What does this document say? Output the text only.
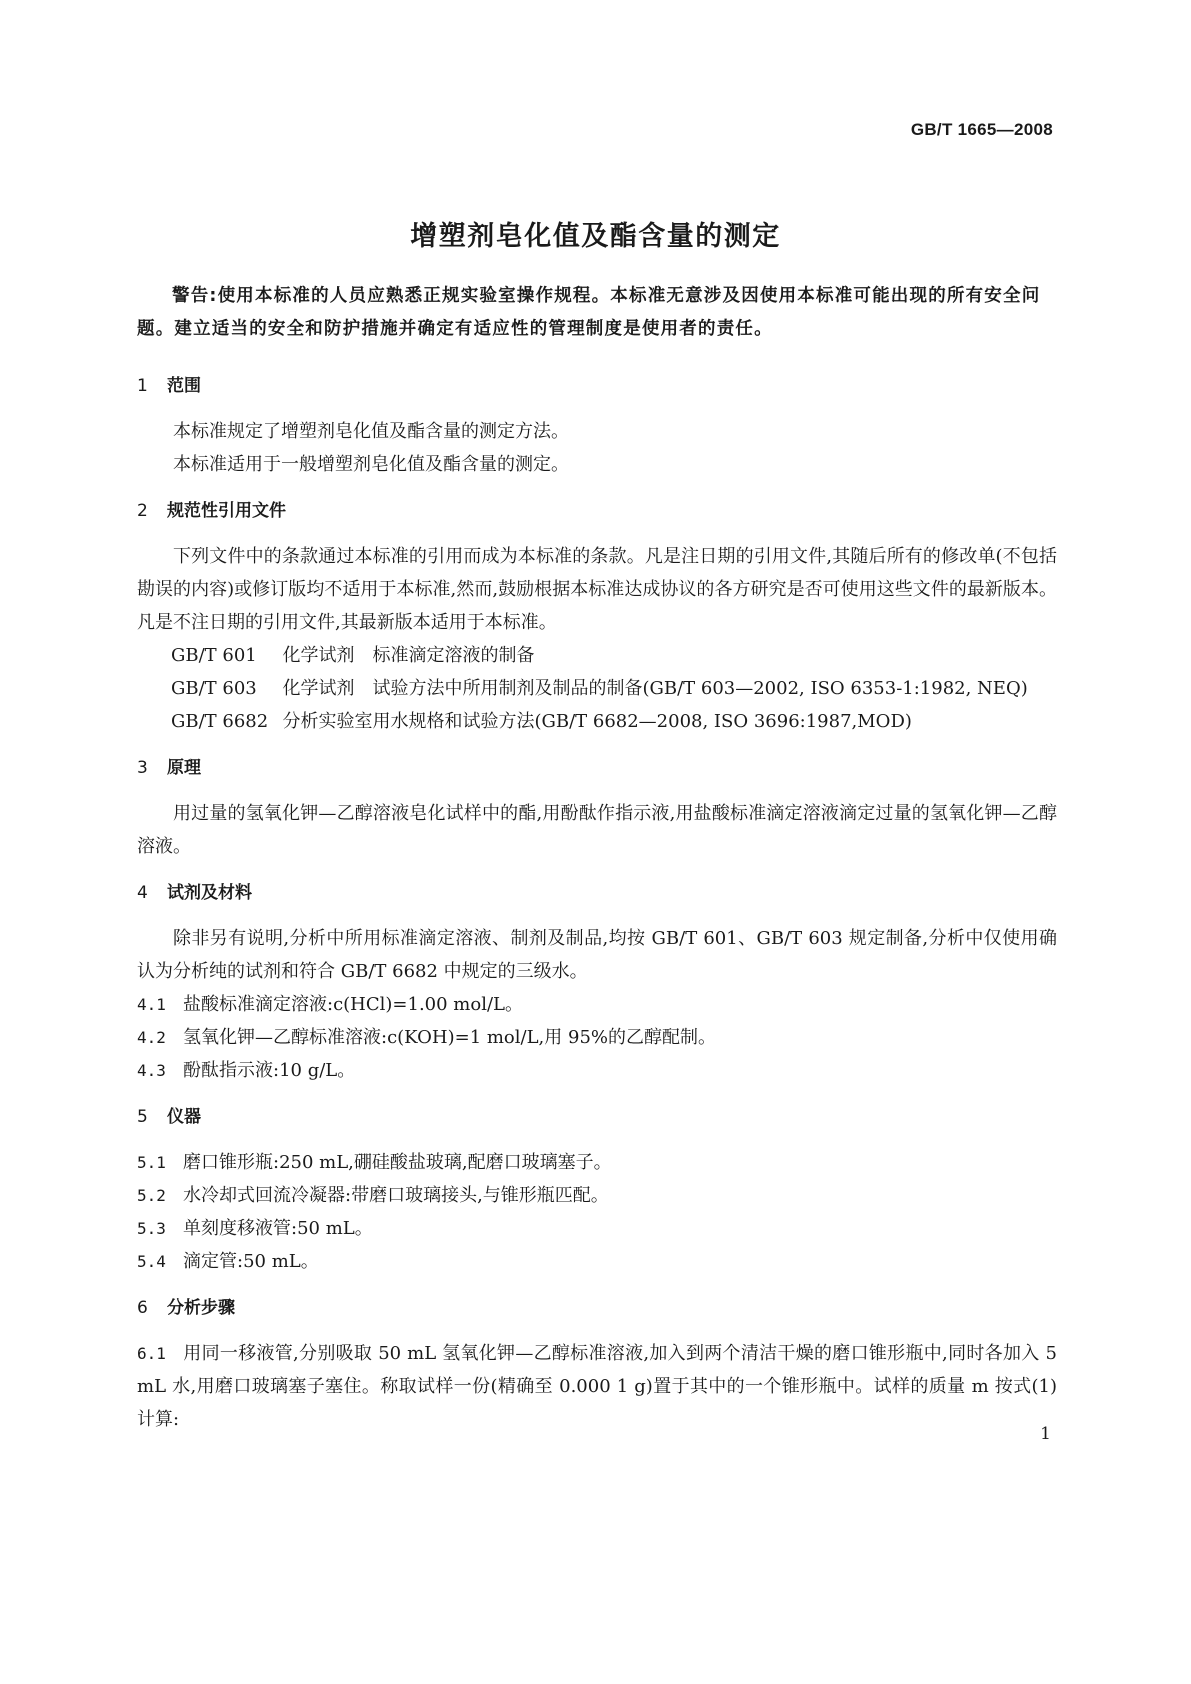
GB/T 1665—2008
增塑剂皂化值及酯含量的测定

警告:使用本标准的人员应熟悉正规实验室操作规程。本标准无意涉及因使用本标准可能出现的所有安全问题。建立适当的安全和防护措施并确定有适应性的管理制度是使用者的责任。

1 范围

本标准规定了增塑剂皂化值及酯含量的测定方法。

本标准适用于一般增塑剂皂化值及酯含量的测定。

2 规范性引用文件

下列文件中的条款通过本标准的引用而成为本标准的条款。凡是注日期的引用文件,其随后所有的修改单(不包括勘误的内容)或修订版均不适用于本标准,然而,鼓励根据本标准达成协议的各方研究是否可使用这些文件的最新版本。凡是不注日期的引用文件,其最新版本适用于本标准。

GB/T 601 化学试剂　标准滴定溶液的制备

GB/T 603 化学试剂　试验方法中所用制剂及制品的制备(GB/T 603—2002, ISO 6353-1:1982, NEQ)

GB/T 6682 分析实验室用水规格和试验方法(GB/T 6682—2008, ISO 3696:1987,MOD)

3 原理

用过量的氢氧化钾—乙醇溶液皂化试样中的酯,用酚酞作指示液,用盐酸标准滴定溶液滴定过量的氢氧化钾—乙醇溶液。

4 试剂及材料

除非另有说明,分析中所用标准滴定溶液、制剂及制品,均按 GB/T 601、GB/T 603 规定制备,分析中仅使用确认为分析纯的试剂和符合 GB/T 6682 中规定的三级水。

4.1 盐酸标准滴定溶液:c(HCl)=1.00 mol/L。

4.2 氢氧化钾—乙醇标准溶液:c(KOH)=1 mol/L,用 95%的乙醇配制。

4.3 酚酞指示液:10 g/L。

5 仪器

5.1 磨口锥形瓶:250 mL,硼硅酸盐玻璃,配磨口玻璃塞子。

5.2 水冷却式回流冷凝器:带磨口玻璃接头,与锥形瓶匹配。

5.3 单刻度移液管:50 mL。

5.4 滴定管:50 mL。

6 分析步骤

6.1 用同一移液管,分别吸取 50 mL 氢氧化钾—乙醇标准溶液,加入到两个清洁干燥的磨口锥形瓶中,同时各加入 5 mL 水,用磨口玻璃塞子塞住。称取试样一份(精确至 0.000 1 g)置于其中的一个锥形瓶中。试样的质量 m 按式(1)计算:

1
